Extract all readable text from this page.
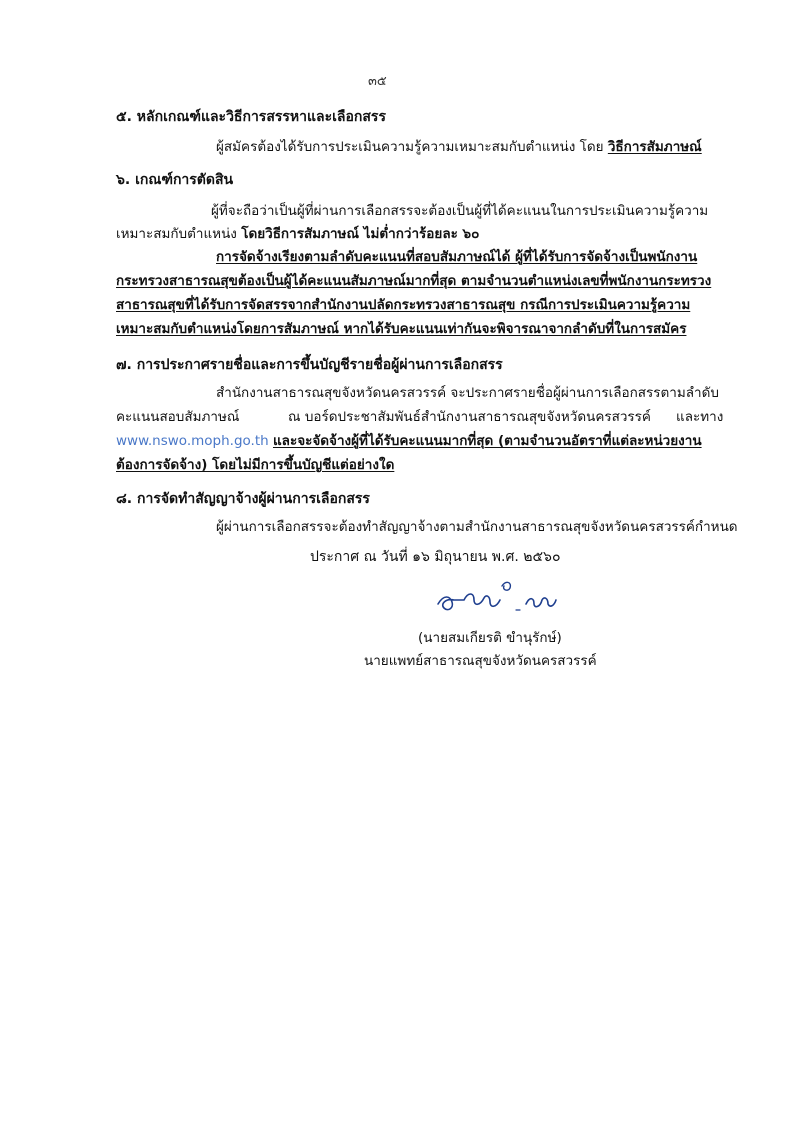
๓๕
๕. หลักเกณฑ์และวิธีการสรรหาและเลือกสรร
ผู้สมัครต้องได้รับการประเมินความรู้ความเหมาะสมกับตำแหน่ง โดย วิธีการสัมภาษณ์
๖. เกณฑ์การตัดสิน
ผู้ที่จะถือว่าเป็นผู้ที่ผ่านการเลือกสรรจะต้องเป็นผู้ที่ได้คะแนนในการประเมินความรู้ความ
เหมาะสมกับตำแหน่ง โดยวิธีการสัมภาษณ์ ไม่ต่ำกว่าร้อยละ ๖๐
การจัดจ้างเรียงตามลำดับคะแนนที่สอบสัมภาษณ์ได้ ผู้ที่ได้รับการจัดจ้างเป็นพนักงาน
กระทรวงสาธารณสุขต้องเป็นผู้ได้คะแนนสัมภาษณ์มากที่สุด ตามจำนวนตำแหน่งเลขที่พนักงานกระทรวง
สาธารณสุขที่ได้รับการจัดสรรจากสำนักงานปลัดกระทรวงสาธารณสุข กรณีการประเมินความรู้ความ
เหมาะสมกับตำแหน่งโดยการสัมภาษณ์ หากได้รับคะแนนเท่ากันจะพิจารณาจากลำดับที่ในการสมัคร
๗. การประกาศรายชื่อและการขึ้นบัญชีรายชื่อผู้ผ่านการเลือกสรร
สำนักงานสาธารณสุขจังหวัดนครสวรรค์ จะประกาศรายชื่อผู้ผ่านการเลือกสรรตามลำดับ
คะแนนสอบสัมภาษณ์	ณ บอร์ดประชาสัมพันธ์สำนักงานสาธารณสุขจังหวัดนครสวรรค์ และทาง
www.nswo.moph.go.th และจะจัดจ้างผู้ที่ได้รับคะแนนมากที่สุด (ตามจำนวนอัตราที่แต่ละหน่วยงาน
ต้องการจัดจ้าง) โดยไม่มีการขึ้นบัญชีแต่อย่างใด
๘. การจัดทำสัญญาจ้างผู้ผ่านการเลือกสรร
ผู้ผ่านการเลือกสรรจะต้องทำสัญญาจ้างตามสำนักงานสาธารณสุขจังหวัดนครสวรรค์กำหนด
ประกาศ ณ วันที่ ๑๖ มิถุนายน พ.ศ. ๒๕๖๐
(นายสมเกียรติ ขำนุรักษ์)
นายแพทย์สาธารณสุขจังหวัดนครสวรรค์
